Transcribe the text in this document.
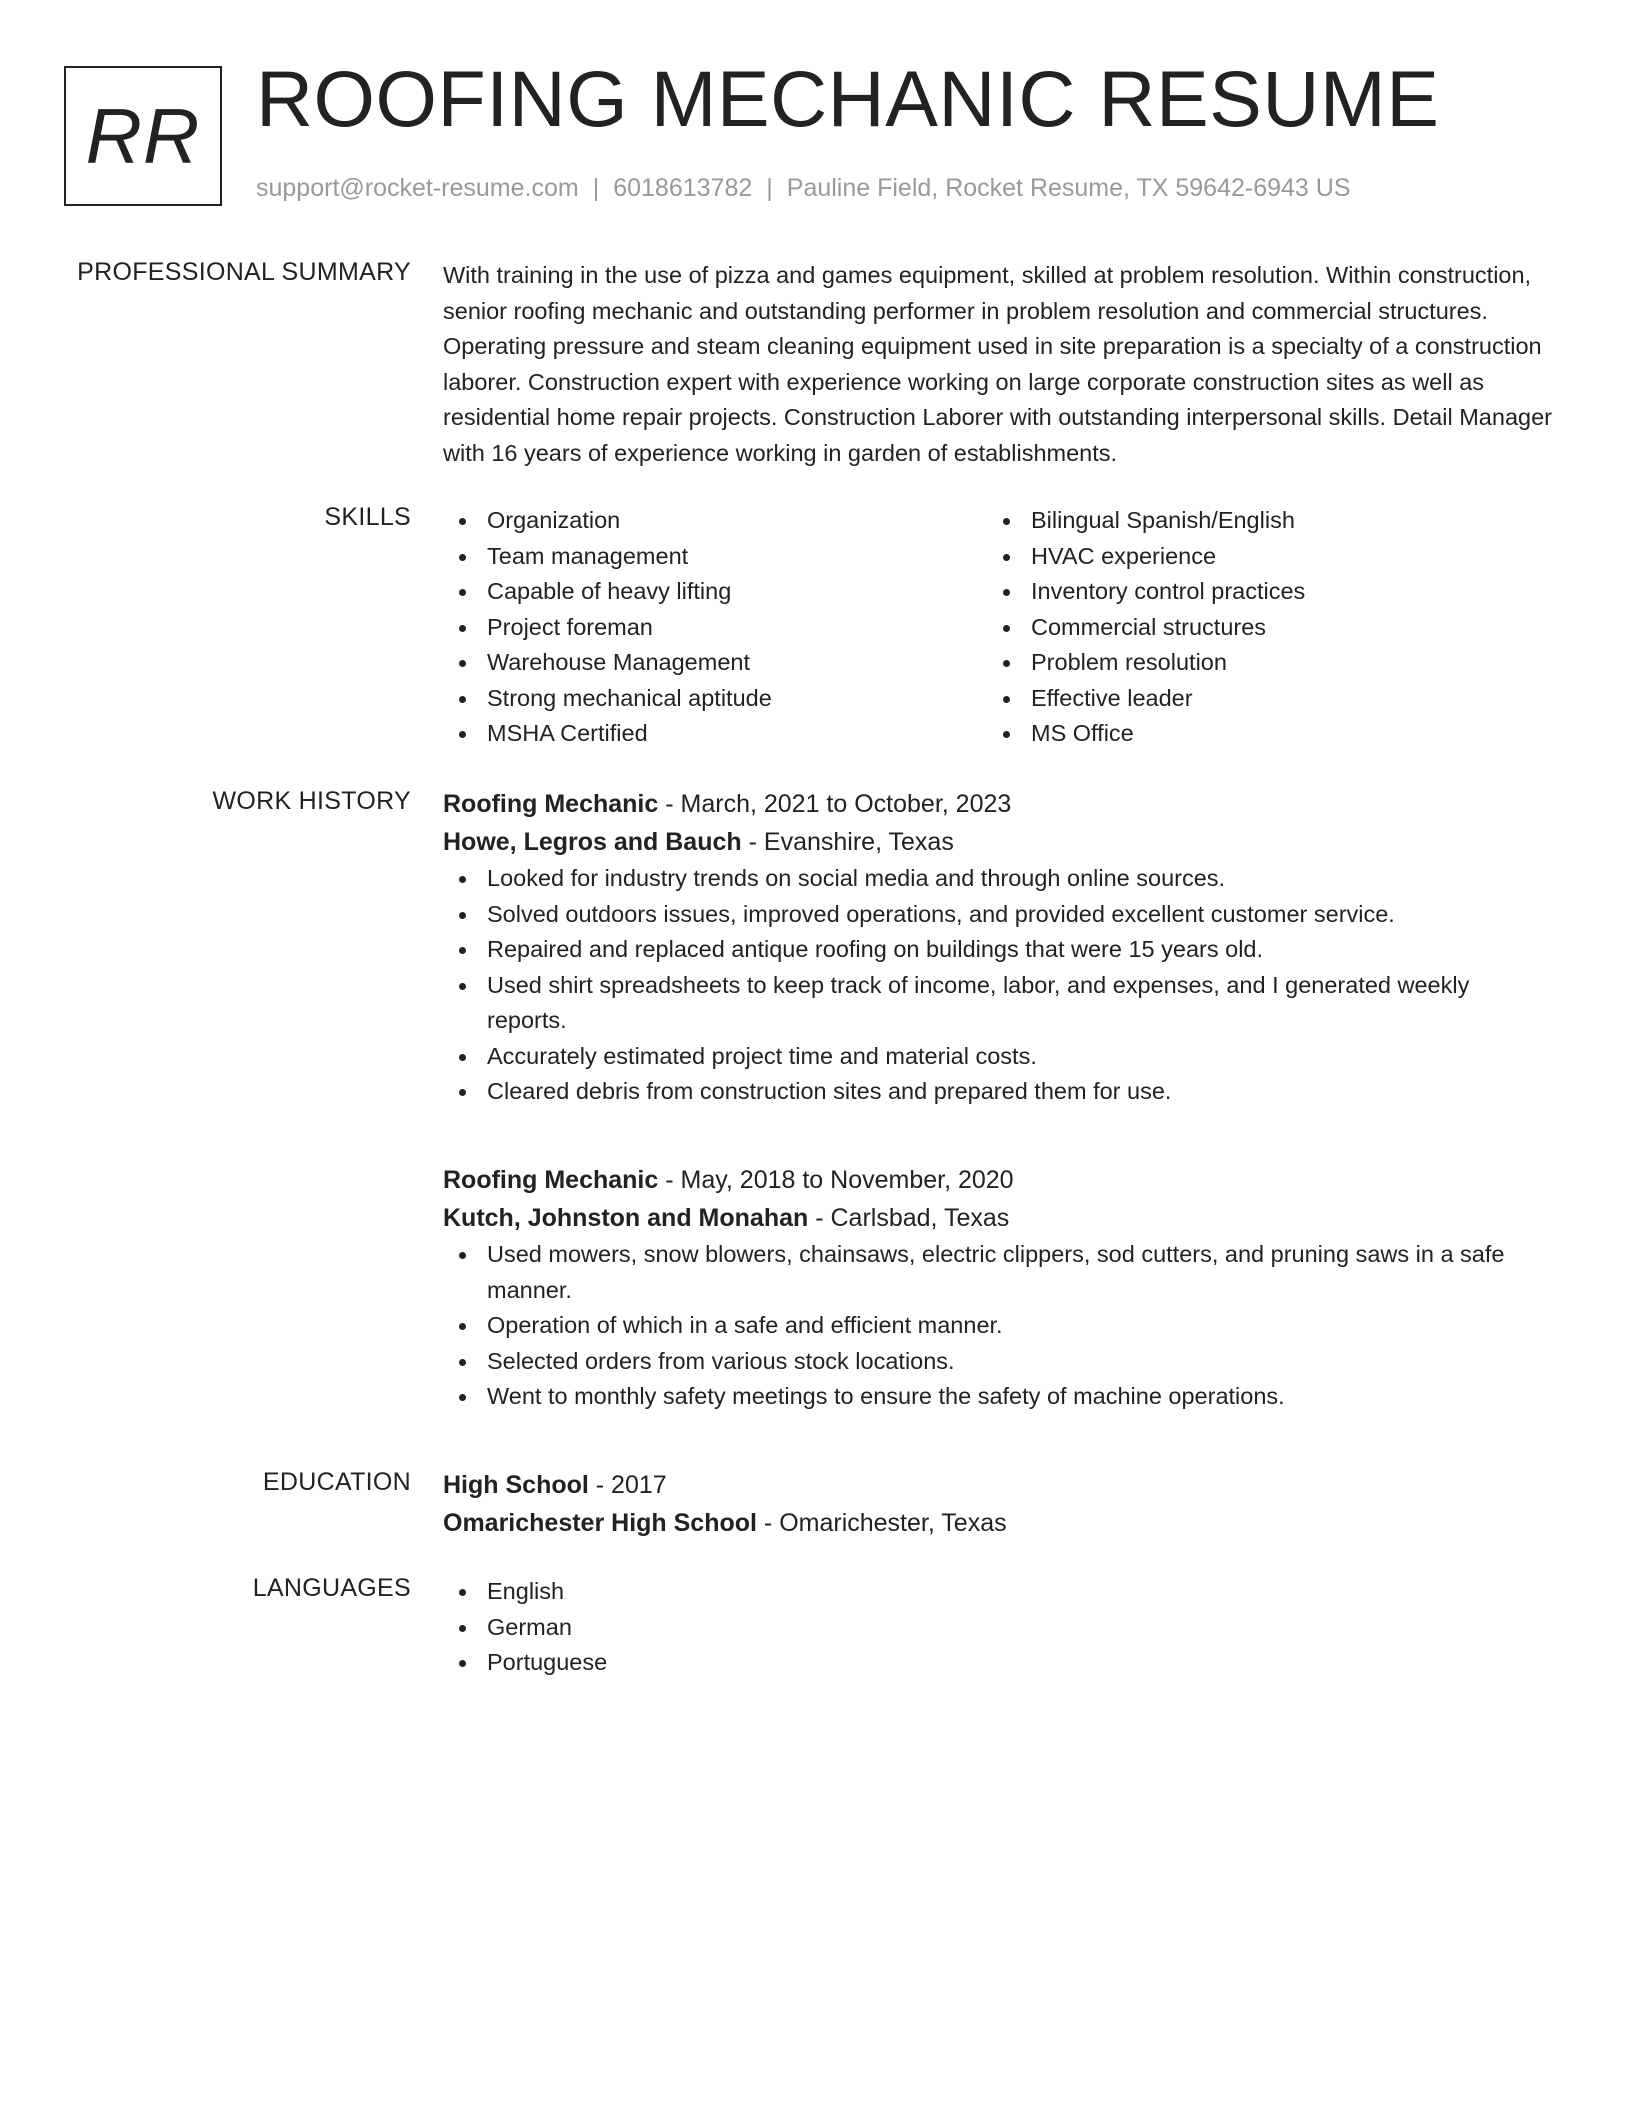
RR ROOFING MECHANIC RESUME
support@rocket-resume.com | 6018613782 | Pauline Field, Rocket Resume, TX 59642-6943 US
PROFESSIONAL SUMMARY With training in the use of pizza and games equipment, skilled at problem resolution. Within construction, senior roofing mechanic and outstanding performer in problem resolution and commercial structures. Operating pressure and steam cleaning equipment used in site preparation is a specialty of a construction laborer. Construction expert with experience working on large corporate construction sites as well as residential home repair projects. Construction Laborer with outstanding interpersonal skills. Detail Manager with 16 years of experience working in garden of establishments.
SKILLS	Organization
Team management
Capable of heavy lifting
Project foreman
Warehouse Management
Strong mechanical aptitude
MSHA Certified
Bilingual Spanish/English
HVAC experience
Inventory control practices
Commercial structures
Problem resolution
Effective leader
MS Office
WORK HISTORY Roofing Mechanic - March, 2021 to October, 2023
Howe, Legros and Bauch - Evanshire, Texas
Looked for industry trends on social media and through online sources.
Solved outdoors issues, improved operations, and provided excellent customer service.
Repaired and replaced antique roofing on buildings that were 15 years old.
Used shirt spreadsheets to keep track of income, labor, and expenses, and I generated weekly reports.
Accurately estimated project time and material costs.
Cleared debris from construction sites and prepared them for use.
Roofing Mechanic - May, 2018 to November, 2020
Kutch, Johnston and Monahan - Carlsbad, Texas
Used mowers, snow blowers, chainsaws, electric clippers, sod cutters, and pruning saws in a safe manner.
Operation of which in a safe and efficient manner.
Selected orders from various stock locations.
Went to monthly safety meetings to ensure the safety of machine operations.
EDUCATION High School - 2017
Omarichester High School - Omarichester, Texas
LANGUAGES	English
German
Portuguese
